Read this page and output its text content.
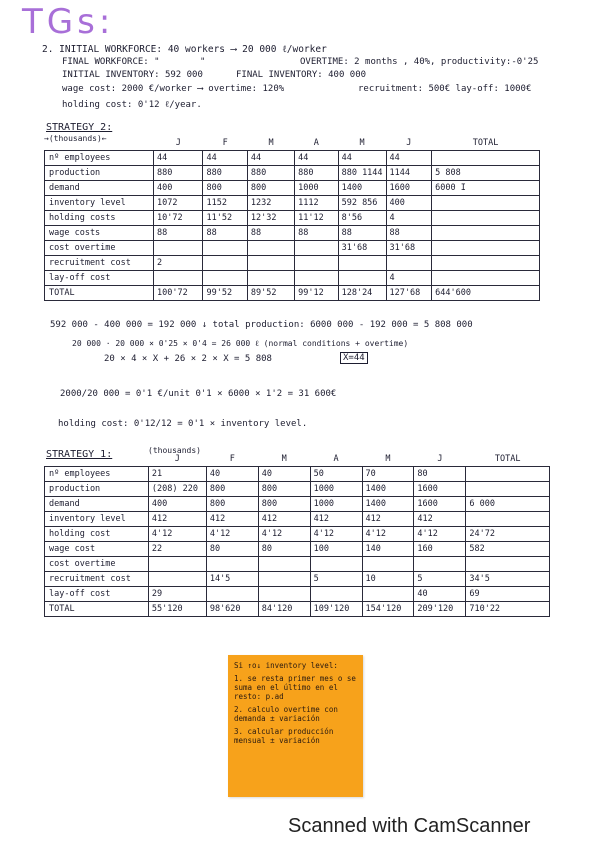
TGs:
2. INITIAL WORKFORCE: 40 workers ⟶ 20 000 ℓ/worker
FINAL WORKFORCE: "	"	OVERTIME: 2 months , 40%, productivity:-0'25
INITIAL INVENTORY: 592 000	FINAL INVENTORY: 400 000
wage cost: 2000 €/worker ⟶ overtime: 120%	recruitment: 500€ lay-off: 1000€
holding cost: 0'12 ℓ/year.
STRATEGY 2:
→(thousands)←
		J	F	M	A	M	J	TOTAL
nº employees	44	44	44	44	44	44	
production	880	880	880	880	880 1144	1144	5 808
demand	400	800	800	1000	1400	1600	6000 I
inventory level	1072	1152	1232	1112	592 856	400	
holding costs	10'72	11'52	12'32	11'12	8'56	4	
wage costs	88	88	88	88	88	88	
cost overtime					31'68	31'68	
recruitment cost	2						
lay-off cost						4	
TOTAL	100'72	99'52	89'52	99'12	128'24	127'68	644'600
592 000 - 400 000 = 192 000 ↓ total production: 6000 000 - 192 000 = 5 808 000
20 000 · 20 000 × 0'25 × 0'4 = 26 000 ℓ (normal conditions + overtime)
20 × 4 × X + 26 × 2 × X = 5 808	X=44
2000/20 000 = 0'1 €/unit 0'1 × 6000 × 1'2 = 31 600€
holding cost: 0'12/12 = 0'1 × inventory level.
STRATEGY 1:	(thousands)
	J	F	M	A	M	J	TOTAL
nº employees	21	40	40	50	70	80	
production	(208) 220	800	800	1000	1400	1600	
demand	400	800	800	1000	1400	1600	6 000
inventory level	412	412	412	412	412	412	
holding cost	4'12	4'12	4'12	4'12	4'12	4'12	24'72
wage cost	22	80	80	100	140	160	582
cost overtime							
recruitment cost		14'5		5	10	5	34'5
lay-off cost	29					40	69
TOTAL	55'120	98'620	84'120	109'120	154'120	209'120	710'22

Si ↑o↓ inventory level:

1. se resta primer mes o se suma en el último en el resto: p.ad

2. calculo overtime con demanda ± variación

3. calcular producción mensual ± variación

Scanned with CamScanner
